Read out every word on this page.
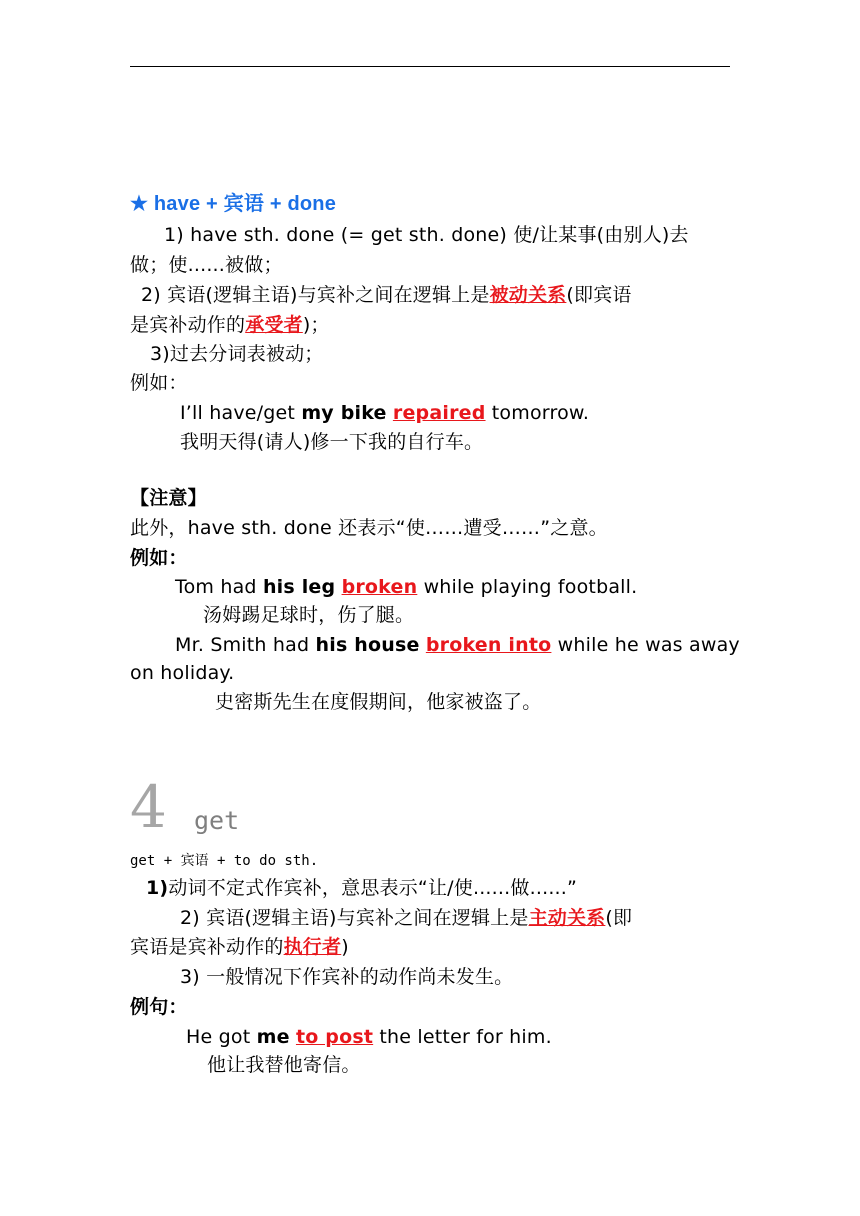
★ have + 宾语 + done
1) have sth. done (= get sth. done) 使/让某事(由别人)去
做；使......被做；
2) 宾语(逻辑主语)与宾补之间在逻辑上是被动关系(即宾语
是宾补动作的承受者)；
3)过去分词表被动；
例如：
I’ll have/get my bike repaired tomorrow.
我明天得(请人)修一下我的自行车。
【注意】
此外，have sth. done 还表示“使……遭受……”之意。
例如：
Tom had his leg broken while playing football.
汤姆踢足球时，伤了腿。
Mr. Smith had his house broken into while he was away
on holiday.
史密斯先生在度假期间，他家被盗了。
4 get
get + 宾语 + to do sth.
1)动词不定式作宾补，意思表示“让/使......做......”
2) 宾语(逻辑主语)与宾补之间在逻辑上是主动关系(即
宾语是宾补动作的执行者)
3) 一般情况下作宾补的动作尚未发生。
例句：
He got me to post the letter for him.
他让我替他寄信。
